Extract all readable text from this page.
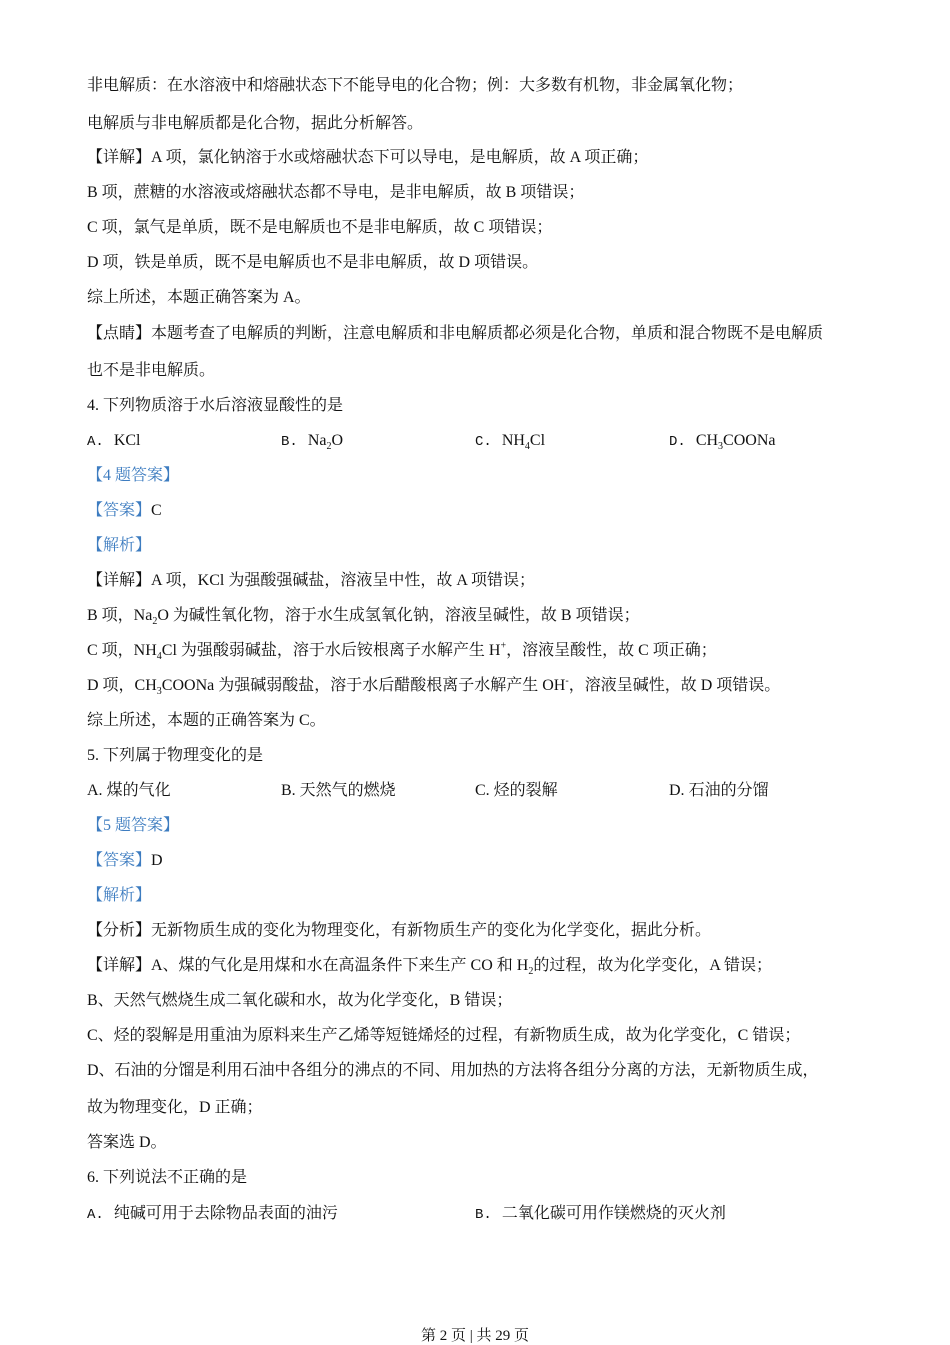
第 2 页 | 共 29 页
非电解质：在水溶液中和熔融状态下不能导电的化合物；例：大多数有机物，非金属氧化物；
电解质与非电解质都是化合物，据此分析解答。
【详解】A 项，氯化钠溶于水或熔融状态下可以导电，是电解质，故 A 项正确；
B 项，蔗糖的水溶液或熔融状态都不导电，是非电解质，故 B 项错误；
C 项，氯气是单质，既不是电解质也不是非电解质，故 C 项错误；
D 项，铁是单质，既不是电解质也不是非电解质，故 D 项错误。
综上所述，本题正确答案为 A。
【点睛】本题考查了电解质的判断，注意电解质和非电解质都必须是化合物，单质和混合物既不是电解质
也不是非电解质。
4. 下列物质溶于水后溶液显酸性的是
【4 题答案】
【答案】C
【解析】
【详解】A 项，KCl 为强酸强碱盐，溶液呈中性，故 A 项错误；
B 项，$Na_2O$ 为碱性氧化物，溶于水生成氢氧化钠，溶液呈碱性，故 B 项错误；
C 项，$NH_4Cl$ 为强酸弱碱盐，溶于水后铵根离子水解产生 H+，溶液呈酸性，故 C 项正确；
D 项，$CH_3COONa$ 为强碱弱酸盐，溶于水后醋酸根离子水解产生 OH-，溶液呈碱性，故 D 项错误。
综上所述，本题的正确答案为 C。
5. 下列属于物理变化的是
【5 题答案】
【答案】D
【解析】
【分析】无新物质生成的变化为物理变化，有新物质生产的变化为化学变化，据此分析。
【详解】A、煤的气化是用煤和水在高温条件下来生产 CO 和 $H_2$的过程，故为化学变化，A 错误；
B、天然气燃烧生成二氧化碳和水，故为化学变化，B 错误；
C、烃的裂解是用重油为原料来生产乙烯等短链烯烃的过程，有新物质生成，故为化学变化，C 错误；
D、石油的分馏是利用石油中各组分的沸点的不同、用加热的方法将各组分分离的方法，无新物质生成，
故为物理变化，D 正确；
答案选 D。
6. 下列说法不正确的是
A. KCl	B. $Na_2O$	C. $NH_4Cl$	D. $CH_3COONa$
A. 煤的气化	B. 天然气的燃烧	C. 烃的裂解	D. 石油的分馏
A. 纯碱可用于去除物品表面的油污	B. 二氧化碳可用作镁燃烧的灭火剂
